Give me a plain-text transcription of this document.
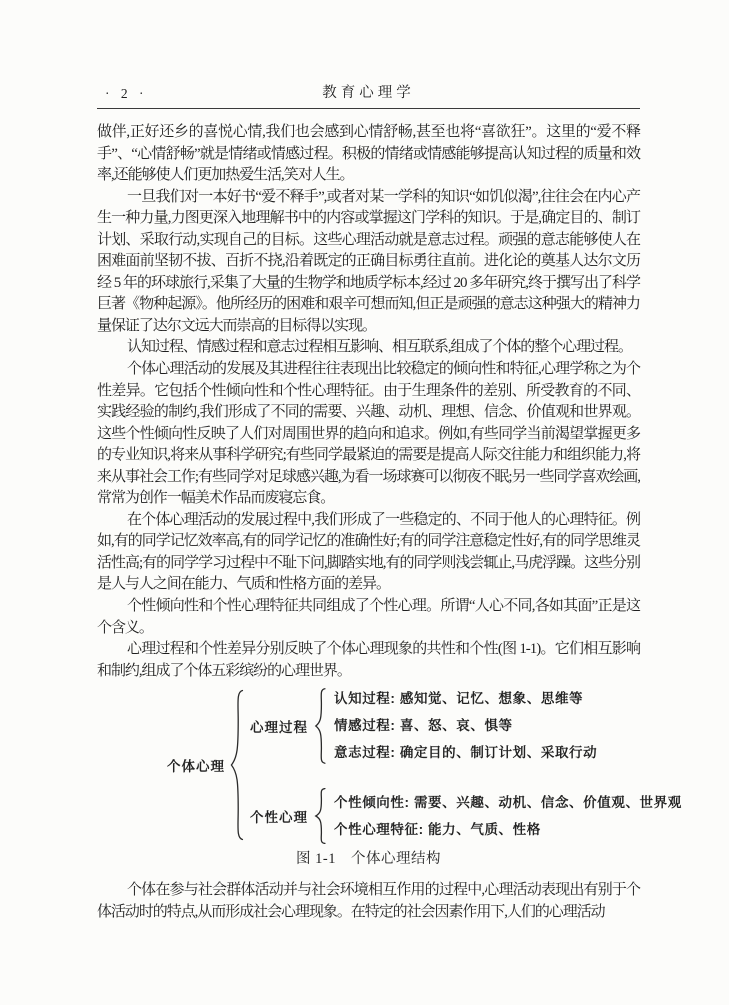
· 2 ·	教育心理学

做伴,正好还乡的喜悦心情,我们也会感到心情舒畅,甚至也将“喜欲狂”。这里的“爱不释手”、“心情舒畅”就是情绪或情感过程。积极的情绪或情感能够提高认知过程的质量和效率,还能够使人们更加热爱生活,笑对人生。

一旦我们对一本好书“爱不释手”,或者对某一学科的知识“如饥似渴”,往往会在内心产生一种力量,力图更深入地理解书中的内容或掌握这门学科的知识。于是,确定目的、制订计划、采取行动,实现自己的目标。这些心理活动就是意志过程。顽强的意志能够使人在困难面前坚韧不拔、百折不挠,沿着既定的正确目标勇往直前。进化论的奠基人达尔文历经 5 年的环球旅行,采集了大量的生物学和地质学标本,经过 20 多年研究,终于撰写出了科学巨著《物种起源》。他所经历的困难和艰辛可想而知,但正是顽强的意志这种强大的精神力量保证了达尔文远大而崇高的目标得以实现。

认知过程、情感过程和意志过程相互影响、相互联系,组成了个体的整个心理过程。

个体心理活动的发展及其进程往往表现出比较稳定的倾向性和特征,心理学称之为个性差异。它包括个性倾向性和个性心理特征。由于生理条件的差别、所受教育的不同、实践经验的制约,我们形成了不同的需要、兴趣、动机、理想、信念、价值观和世界观。这些个性倾向性反映了人们对周围世界的趋向和追求。例如,有些同学当前渴望掌握更多的专业知识,将来从事科学研究;有些同学最紧迫的需要是提高人际交往能力和组织能力,将来从事社会工作;有些同学对足球感兴趣,为看一场球赛可以彻夜不眠;另一些同学喜欢绘画,常常为创作一幅美术作品而废寝忘食。

在个体心理活动的发展过程中,我们形成了一些稳定的、不同于他人的心理特征。例如,有的同学记忆效率高,有的同学记忆的准确性好;有的同学注意稳定性好,有的同学思维灵活性高;有的同学学习过程中不耻下问,脚踏实地,有的同学则浅尝辄止,马虎浮躁。这些分别是人与人之间在能力、气质和性格方面的差异。

个性倾向性和个性心理特征共同组成了个性心理。所谓“人心不同,各如其面”正是这个含义。

心理过程和个性差异分别反映了个体心理现象的共性和个性(图 1-1)。它们相互影响和制约,组成了个体五彩缤纷的心理世界。

个体心理
心理过程
认知过程: 感知觉、记忆、想象、思维等
情感过程: 喜、怒、哀、惧等
意志过程: 确定目的、制订计划、采取行动
个性心理
个性倾向性: 需要、兴趣、动机、信念、价值观、世界观
个性心理特征: 能力、气质、性格
图 1-1　个体心理结构

个体在参与社会群体活动并与社会环境相互作用的过程中,心理活动表现出有别于个体活动时的特点,从而形成社会心理现象。在特定的社会因素作用下,人们的心理活动
